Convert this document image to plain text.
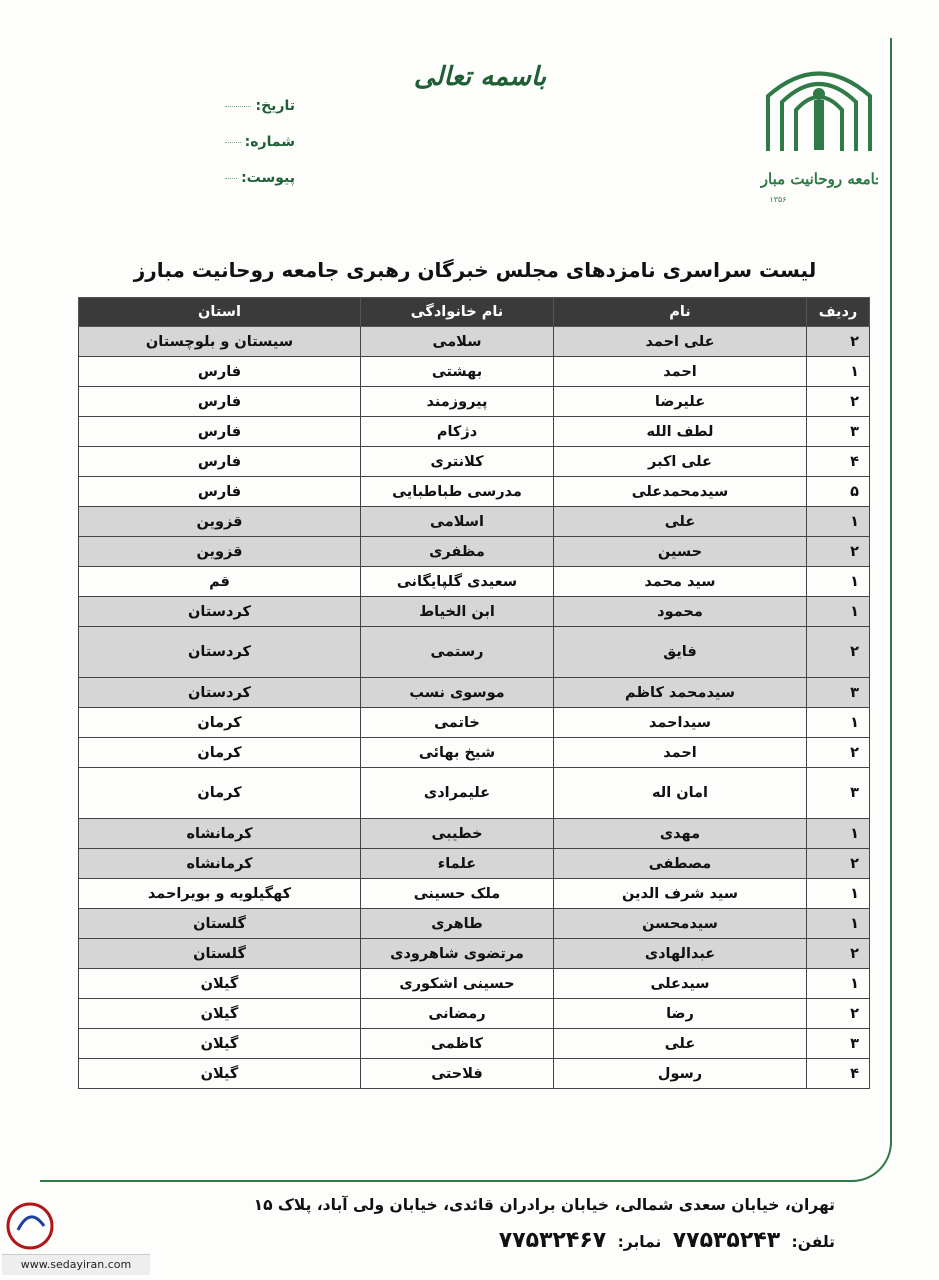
جامعه روحانیت مبارز
۱۳۵۶
باسمه تعالی
تاریخ:
شماره:
پیوست:
لیست سراسری نامزدهای مجلس خبرگان رهبری جامعه روحانیت مبارز
ردیف	نام	نام خانوادگی	استان
۲	علی احمد	سلامی	سیستان و بلوچستان
۱	احمد	بهشتی	فارس
۲	علیرضا	پیروزمند	فارس
۳	لطف الله	دژکام	فارس
۴	علی اکبر	کلانتری	فارس
۵	سیدمحمدعلی	مدرسی طباطبایی	فارس
۱	علی	اسلامی	قزوین
۲	حسین	مظفری	قزوین
۱	سید محمد	سعیدی گلپایگانی	قم
۱	محمود	ابن الخیاط	کردستان
۲	فایق	رستمی	کردستان
۳	سیدمحمد کاظم	موسوی نسب	کردستان
۱	سیداحمد	خاتمی	کرمان
۲	احمد	شیخ بهائی	کرمان
۳	امان اله	علیمرادی	کرمان
۱	مهدی	خطیبی	کرمانشاه
۲	مصطفی	علماء	کرمانشاه
۱	سید شرف الدین	ملک حسینی	کهگیلویه و بویراحمد
۱	سیدمحسن	طاهری	گلستان
۲	عبدالهادی	مرتضوی شاهرودی	گلستان
۱	سیدعلی	حسینی اشکوری	گیلان
۲	رضا	رمضانی	گیلان
۳	علی	کاظمی	گیلان
۴	رسول	فلاحتی	گیلان
تهران، خیابان سعدی شمالی، خیابان برادران قائدی، خیابان ولی آباد، پلاک ۱۵
تلفن: ۷۷۵۳۵۲۴۳ نمابر: ۷۷۵۳۲۴۶۷
www.sedayiran.com
